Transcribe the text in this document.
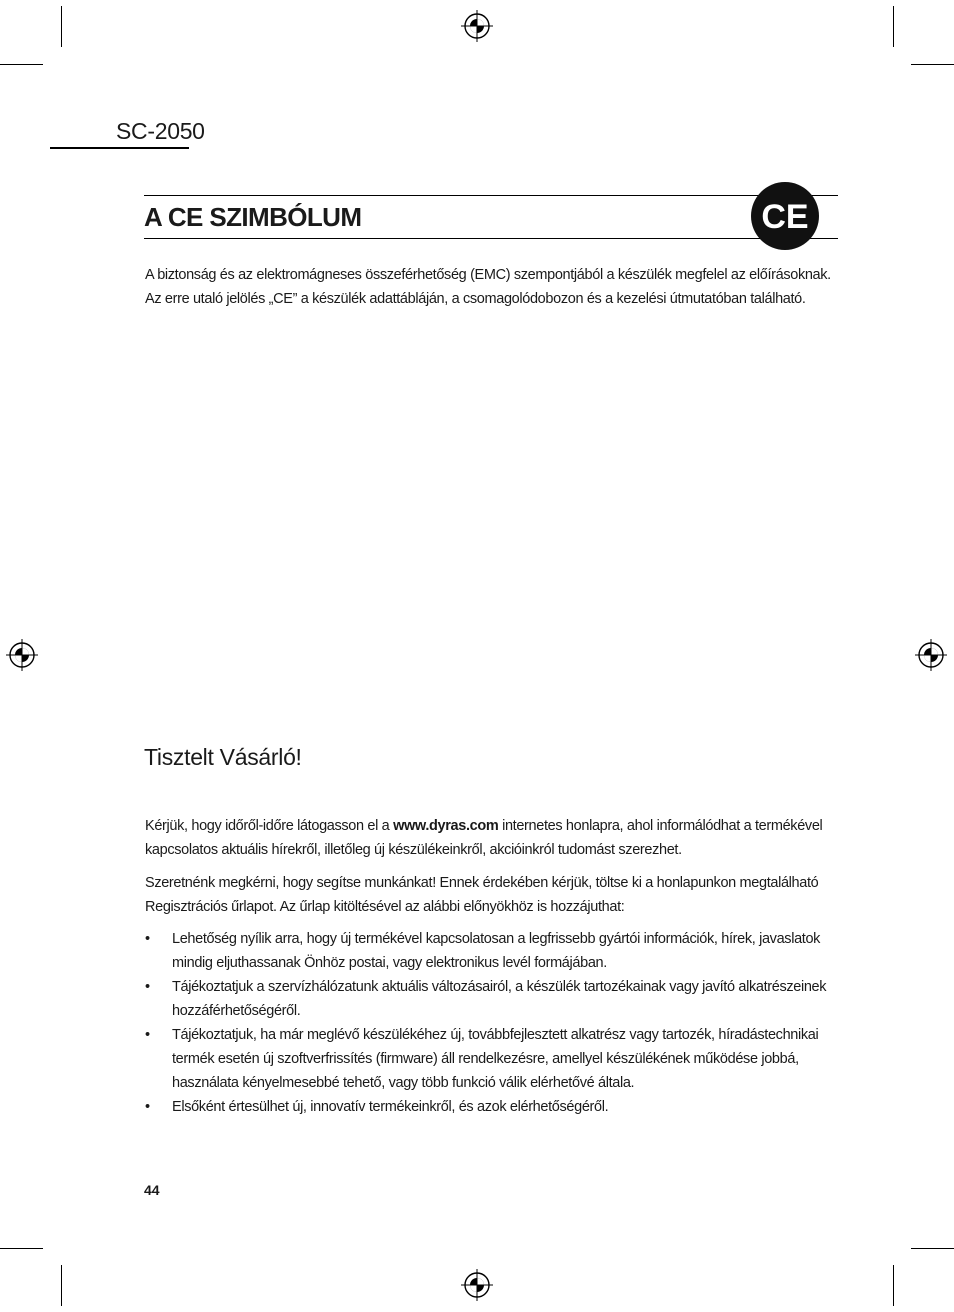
SC-2050
A CE SZIMBÓLUM	CE
A biztonság és az elektromágneses összeférhetőség (EMC) szempontjából a készülék megfelel az előírásoknak.
Az erre utaló jelölés „CE” a készülék adattábláján, a csomagolódobozon és a kezelési útmutatóban található.
Tisztelt Vásárló!
Kérjük, hogy időről-időre látogasson el a www.dyras.com internetes honlapra, ahol informálódhat a termékével
kapcsolatos aktuális hírekről, illetőleg új készülékeinkről, akcióinkról tudomást szerezhet.
Szeretnénk megkérni, hogy segítse munkánkat! Ennek érdekében kérjük, töltse ki a honlapunkon megtalálható
Regisztrációs űrlapot. Az űrlap kitöltésével az alábbi előnyökhöz is hozzájuthat:
• Lehetőség nyílik arra, hogy új termékével kapcsolatosan a legfrissebb gyártói információk, hírek, javaslatok
mindig eljuthassanak Önhöz postai, vagy elektronikus levél formájában.
• Tájékoztatjuk a szervízhálózatunk aktuális változásairól, a készülék tartozékainak vagy javító alkatrészeinek
hozzáférhetőségéről.
• Tájékoztatjuk, ha már meglévő készülékéhez új, továbbfejlesztett alkatrész vagy tartozék, híradástechnikai
termék esetén új szoftverfrissítés (firmware) áll rendelkezésre, amellyel készülékének működése jobbá,
használata kényelmesebbé tehető, vagy több funkció válik elérhetővé általa.
• Elsőként értesülhet új, innovatív termékeinkről, és azok elérhetőségéről.
44
